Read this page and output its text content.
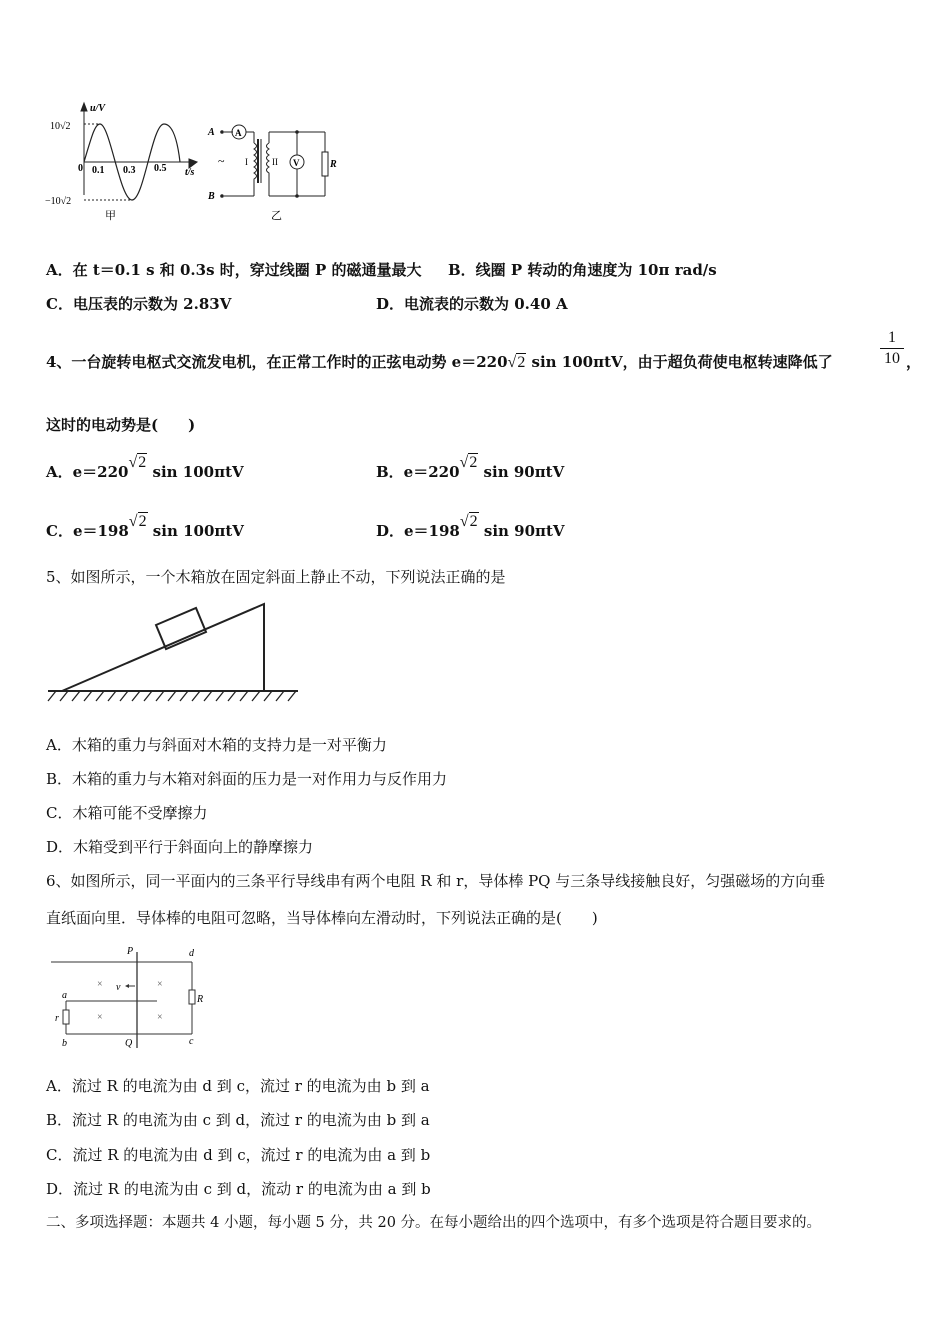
u/V
10√2
−10√2
0 0.1 0.3 0.5 t/s
甲
A
B
A
V	R
I	II
~
乙
A．在 t＝0.1 s 和 0.3s 时，穿过线圈 P 的磁通量最大 B．线圈 P 转动的角速度为 10π rad/s
C．电压表的示数为 2.83V	D．电流表的示数为 0.40 A
4、一台旋转电枢式交流发电机，在正常工作时的正弦电动势 e＝220√2 sin 100πtV，由于超负荷使电枢转速降低了	$\frac{1}{10}$ ，
这时的电动势是(　　)
A．e＝220√2 sin 100πtV	B．e＝220√2 sin 90πtV
C．e＝198√2 sin 100πtV	D．e＝198√2 sin 90πtV
5、如图所示，一个木箱放在固定斜面上静止不动，下列说法正确的是
A．木箱的重力与斜面对木箱的支持力是一对平衡力
B．木箱的重力与木箱对斜面的压力是一对作用力与反作用力
C．木箱可能不受摩擦力
D．木箱受到平行于斜面向上的静摩擦力
6、如图所示，同一平面内的三条平行导线串有两个电阻 R 和 r，导体棒 PQ 与三条导线接触良好，匀强磁场的方向垂
直纸面向里．导体棒的电阻可忽略，当导体棒向左滑动时，下列说法正确的是(　　)
×	×
×	×
v
P
Q
d
c
a
b
R
r
A．流过 R 的电流为由 d 到 c，流过 r 的电流为由 b 到 a
B．流过 R 的电流为由 c 到 d，流过 r 的电流为由 b 到 a
C．流过 R 的电流为由 d 到 c，流过 r 的电流为由 a 到 b
D．流过 R 的电流为由 c 到 d，流动 r 的电流为由 a 到 b
二、多项选择题：本题共 4 小题，每小题 5 分，共 20 分。在每小题给出的四个选项中，有多个选项是符合题目要求的。
